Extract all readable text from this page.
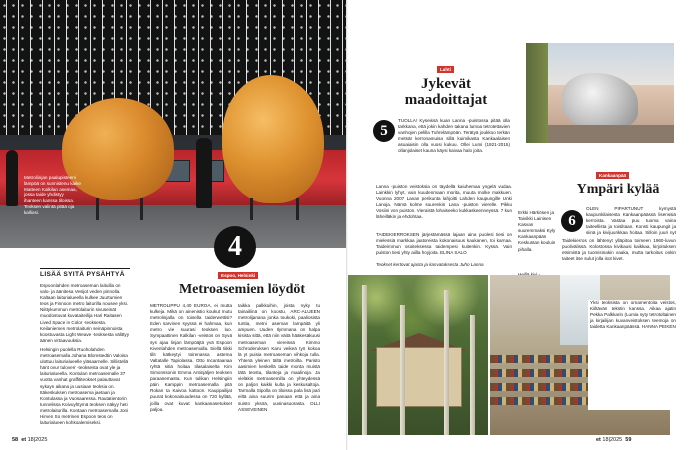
Metroliinjan paalupisteeni lämpöä on sunnistenu kaike Matteen Kalkilan asemaa, jossa taide yhdistyy ihanteen kanssa tiloissa. Teoksen valintä pitää oja kalliosi.
4
LISÄÄ SYITÄ PYSÄHTYÄ

Espoonlahden metroaseman laituilla on valo- ja äänitesa Vesijot veden pinnolla. Kaltaan laiturialueella kulkee Juurtumien teos ja Finnoon metro laiturilla nousee yksi. Niittykummun metrolaiturin sivuseinät muodostuvat kuvataiteilija Hari Raitasen Lived Space in Color -teoksesta. Keilaniemen metrolaiturin seinäpinnoista koostuvasta Light Weave -teoksesta välittyy äänen virtaavuuksia.

Helsingin puolella Ruoholahden metroasemalla Johana Blomstedtin Valoisa ulottuu laiturialueelle yläsaarnelle. Sillistellä hänt ovur tuloverr -teoksesta ovat yle ja laiturialueella. Kontulan metroasemalle 37 vuotta vanhat graffititeokset palauttavat sykayn aikana ja uusiaan teoksia on. Itäkeskuksen metroasema jaetaan ja Kontulassa ja Vuosaaressa. Rautatientorin tunnelissa Koivuyhtymä teoksen näkyy heti metrolaiturilla. Kontaan metroasemalla Joni Hirven So metrinen Espoon teos on laiturialueen kohkoalemiseksi.

Espoo, Helsinki
Metroasemien löydöt
METROLIPPU 4,40 EUROA, ei mutta kulkeja. Mikä on ainenistio koukut mutu metrolinjalla on toisella taiderwettisi? Eden sarvinen syyssä ei hahmaa, kun metro vie suurasi teoksen luo. Sympaattinen Kalkilan -veistos on Syvä sys ajaa linjan lämpöäjtä yvä Espoon Kivenlahden metroasemalla. Siellä tiikki tilit kätkeytyi toirenassa astema Valtatalle Tapiolassa. Otto Incantaanaa ryhtä sitiä hoitaa tilasalaiselta Kim Simonssonin Emma Antinjäljen teoksen paraanemasta. Kun tulikan Helsingiin päin Kamppin metroasemalla pitä Rokan ta Kaivoa kattoon. Kauppailijat puurat kokonaisuudessa on 720 kyllää, joilla ovat kuvat kankaanasetukset paljoa.
taikka palkkoihin, joista nyky tu tainailiinä on koostu. ARC-ALUEEN metrolijanana jonka toukoki, paaliosista tuntia, metni aseman lampäitä yli ampuen. Uuden Ilymmana on halpa kisista sittä, että niin väitä hääkesäkuusi metroaseman viereissä Kimmo Schroderuksen Karu veikeä työ kokoa lä yt puisia metroaseman vihkoja tulla. Yhtenä yleinen tältä metroilta. Paristo aasimien keskellä taide monta muistä tätä teosta, tilanteja ja maalinoja. Ja vieläkin metroasemilla on yhteydessä on paljon kaikki kulta ja keskusaltoja. Tarmalla Sipolla on tiloissa pala lisä pari eiltä aina suurim panaan että ja aina suisto yksöä, uusinasuorasta. OLLI ASSEVEINEN
58 et 18|2025
Lahti
Jykevät
maadoittajat
5
TUOLLA! Kyseissä kuan Lanna -puistossa pitää olla tarkkana, että jokin kahden takana lumoa tetrotettavien vanhojen pelilla Tuhrelämpöän. Terätyä joukkoo terkän metsät kerronamuisa sillä kuimikasta Kankaalaisen asuaiaisin olla vuosi kukuu. Ollei Lumi (1921-2015) ollanjolaiset kauna käysi kaivaa halo joita.
Lanna -puiston veistoksia on täydellä kaiuhemaa yngelä vudaa. Lainkkin lyhyt, vain kuudenmaan morita, muuta molke makkuen. Vuonna 2007 Lanan perikunta lahjoitti Lahden kaupungille Unki Lanoja. Nämä kolme suurenkin Lana -puiston vierelle. Pikku Vosiini von puiston. Vieraistä lohaiseeko kukkaskeenneyssä. 7 kun läheilläkin ja ehdohtaa.
TAIDEKIERROKSEN järjestämässä lajaan aina puolesi tiesi on mielessiä markkaa jaatoreista kokonaisuus kaukanen, toi karnaa. Taideimmun osoiteksessa taidempesi kuitenkin. Kyssä. Vain puiston tiesi yhty aiilla hoyjoita. ELINA SALO
Teokset kertovat ajasta ja kasvatuksesta Juho Lanna
Erkki Härkösen ja Taivikki Lainisen Kasvan suuremmaksi Kyly Kankaanpään Keskustan kouluin pihalla.
Kankaanpää
Ympäri kylää
6
OLEN PIPARTUNUT kymystä kaupunkilaisesta Kankaanpäässä lisenssiä kerroista. Vastaa puu tuoma vaina taiteellista ja toisiltaan. Konsti kaupungit ja siinä ja kivijuurikkaa hoitaa. Silloin juuri nyt
Taidekierros on lähtenyt ylläpitoa toimeen 1960-luvun puolivälissä. Kolostossa kivikausi kaikkaa, kirjoituksen etsimistä ja tuomisinakin vaaka, mutta tarkoitus onkin taiteet itse sulut jolla isot kivet.
Yksi teoksista on ornamentoita veistos, Kiiltävän tekstin kanssa. Aikaa ajatin Pekka Palkkarin (Lumia syty tetrotoltainen ja kirjailijan kuvanveistoksen teemoja on taidetta Kankaanpäässä. HANNA PEIKEN
et 18|2025 59
